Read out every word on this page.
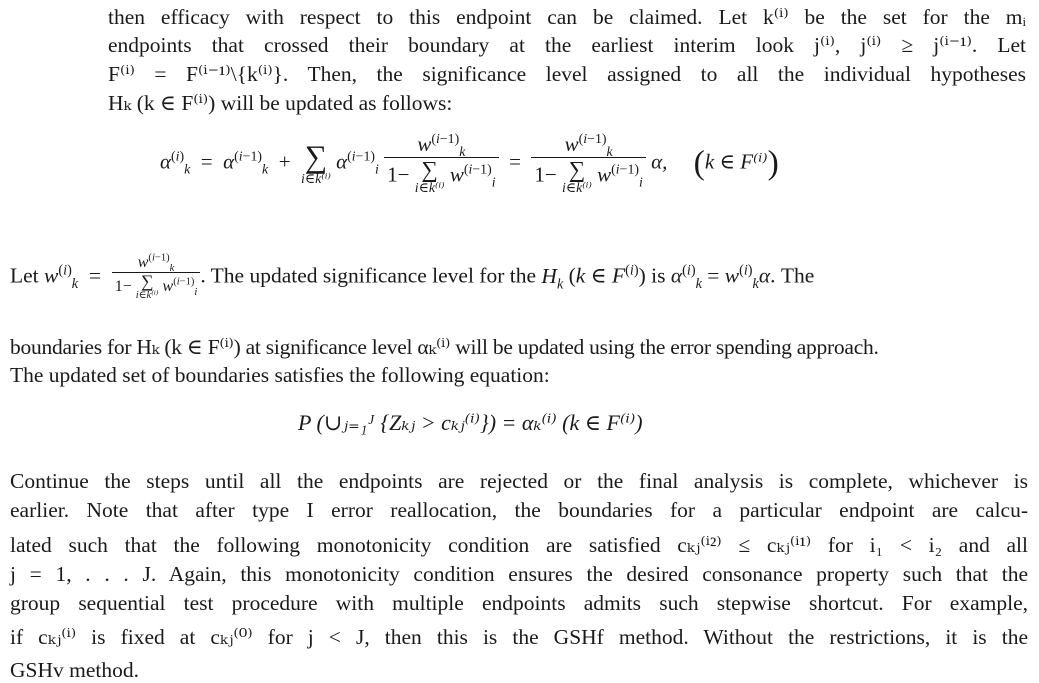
then efficacy with respect to this endpoint can be claimed. Let k⁽ⁱ⁾ be the set for the mᵢ
endpoints that crossed their boundary at the earliest interim look j⁽ⁱ⁾, j⁽ⁱ⁾ ≥ j⁽ⁱ⁻¹⁾. Let
F⁽ⁱ⁾ = F⁽ⁱ⁻¹⁾\{k⁽ⁱ⁾}. Then, the significance level assigned to all the individual hypotheses
Hₖ (k ∈ F⁽ⁱ⁾) will be updated as follows:
$\alpha^{(i)}_k = \alpha^{(i-1)}_k$  + ∑
i∈k⁽ⁱ⁾
$\alpha^{(i-1)}_i$ $w^{(i-1)}_k$
1− ∑
i∈k⁽ⁱ⁾
$w^{(i-1)}_i = w^{(i-1)}_k$
1− ∑
i∈k⁽ⁱ⁾
$w^{(i-1)}_i$ α, (k ∈ F⁽ⁱ⁾)
Let $w^{(i)}_k = w^{(i-1)}_k$
1− ∑
i∈k⁽ⁱ⁾
$w^{(i-1)}_i$ . The updated significance level for the $H_k$ (k ∈ $F^{(i)}$) is $\alpha^{(i)}_k = w^{(i)}_k\alpha$. The
boundaries for Hₖ (k ∈ F⁽ⁱ⁾) at significance level αₖ⁽ⁱ⁾ will be updated using the error spending approach.
The updated set of boundaries satisfies the following equation:
P (∪ⱼ₌₁ᴶ {Zₖⱼ > cₖⱼ⁽ⁱ⁾}) = αₖ⁽ⁱ⁾ (k ∈ F⁽ⁱ⁾)
Continue the steps until all the endpoints are rejected or the final analysis is complete, whichever is
earlier. Note that after type I error reallocation, the boundaries for a particular endpoint are calcu-
lated such that the following monotonicity condition are satisfied cₖⱼ⁽ⁱ²⁾ ≤ cₖⱼ⁽ⁱ¹⁾ for i₁ < i₂ and all
j = 1, . . . J. Again, this monotonicity condition ensures the desired consonance property such that the
group sequential test procedure with multiple endpoints admits such stepwise shortcut. For example,
if cₖⱼ⁽ⁱ⁾ is fixed at cₖⱼ⁽⁰⁾ for j < J, then this is the GSHf method. Without the restrictions, it is the
GSHv method.
